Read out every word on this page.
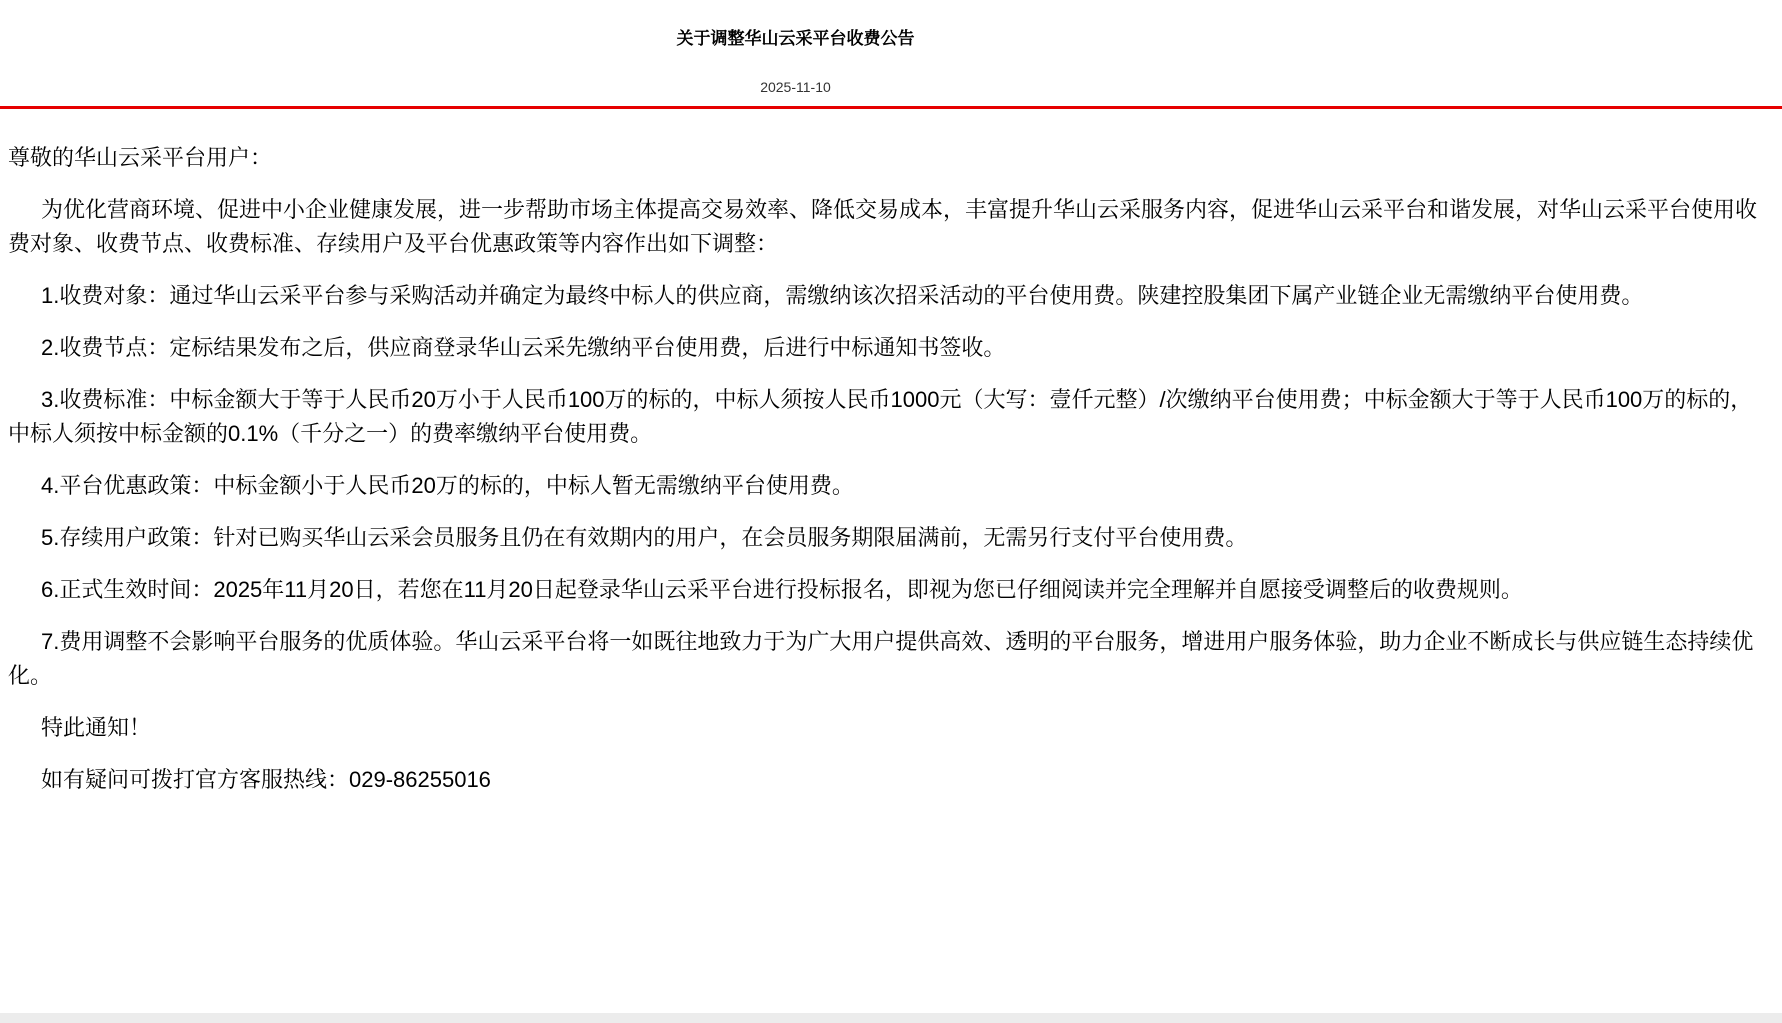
关于调整华山云采平台收费公告
2025-11-10

尊敬的华山云采平台用户：

为优化营商环境、促进中小企业健康发展，进一步帮助市场主体提高交易效率、降低交易成本，丰富提升华山云采服务内容，促进华山云采平台和谐发展，对华山云采平台使用收费对象、收费节点、收费标准、存续用户及平台优惠政策等内容作出如下调整：

1.收费对象：通过华山云采平台参与采购活动并确定为最终中标人的供应商，需缴纳该次招采活动的平台使用费。陕建控股集团下属产业链企业无需缴纳平台使用费。

2.收费节点：定标结果发布之后，供应商登录华山云采先缴纳平台使用费，后进行中标通知书签收。

3.收费标准：中标金额大于等于人民币20万小于人民币100万的标的，中标人须按人民币1000元（大写：壹仟元整）/次缴纳平台使用费；中标金额大于等于人民币100万的标的，中标人须按中标金额的0.1%（千分之一）的费率缴纳平台使用费。

4.平台优惠政策：中标金额小于人民币20万的标的，中标人暂无需缴纳平台使用费。

5.存续用户政策：针对已购买华山云采会员服务且仍在有效期内的用户，在会员服务期限届满前，无需另行支付平台使用费。

6.正式生效时间：2025年11月20日，若您在11月20日起登录华山云采平台进行投标报名，即视为您已仔细阅读并完全理解并自愿接受调整后的收费规则。

7.费用调整不会影响平台服务的优质体验。华山云采平台将一如既往地致力于为广大用户提供高效、透明的平台服务，增进用户服务体验，助力企业不断成长与供应链生态持续优化。

特此通知！

如有疑问可拨打官方客服热线：029-86255016
